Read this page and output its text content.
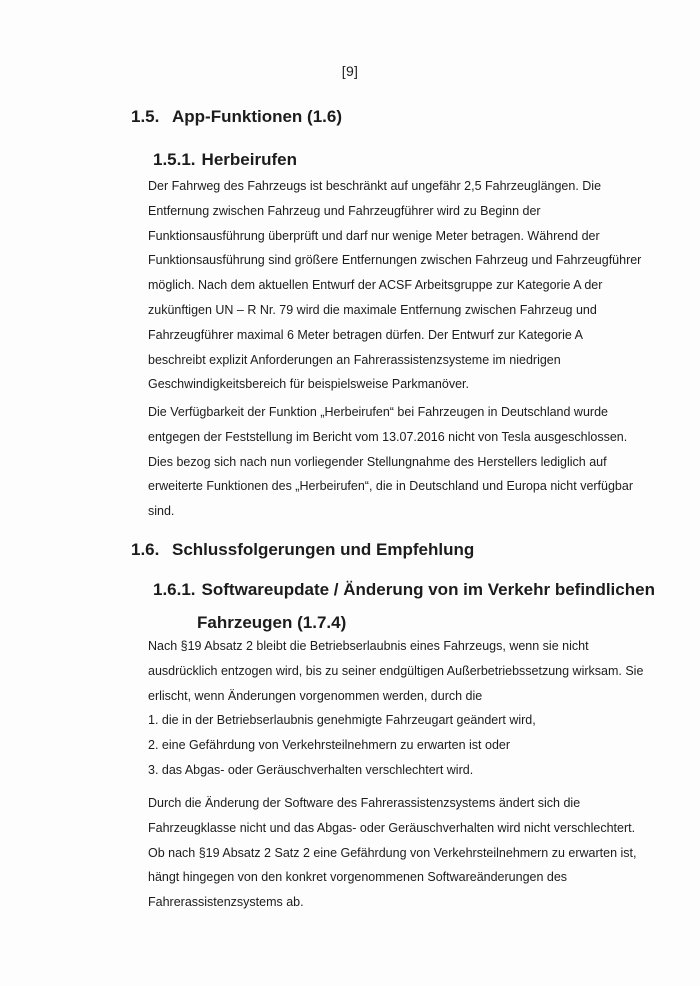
[9]
1.5. App-Funktionen (1.6)
1.5.1. Herbeirufen
Der Fahrweg des Fahrzeugs ist beschränkt auf ungefähr 2,5 Fahrzeuglängen. Die
Entfernung zwischen Fahrzeug und Fahrzeugführer wird zu Beginn der
Funktionsausführung überprüft und darf nur wenige Meter betragen. Während der
Funktionsausführung sind größere Entfernungen zwischen Fahrzeug und Fahrzeugführer
möglich. Nach dem aktuellen Entwurf der ACSF Arbeitsgruppe zur Kategorie A der
zukünftigen UN – R Nr. 79 wird die maximale Entfernung zwischen Fahrzeug und
Fahrzeugführer maximal 6 Meter betragen dürfen. Der Entwurf zur Kategorie A
beschreibt explizit Anforderungen an Fahrerassistenzsysteme im niedrigen
Geschwindigkeitsbereich für beispielsweise Parkmanöver.
Die Verfügbarkeit der Funktion „Herbeirufen“ bei Fahrzeugen in Deutschland wurde
entgegen der Feststellung im Bericht vom 13.07.2016 nicht von Tesla ausgeschlossen.
Dies bezog sich nach nun vorliegender Stellungnahme des Herstellers lediglich auf
erweiterte Funktionen des „Herbeirufen“, die in Deutschland und Europa nicht verfügbar
sind.
1.6. Schlussfolgerungen und Empfehlung
1.6.1. Softwareupdate / Änderung von im Verkehr befindlichen
Fahrzeugen (1.7.4)
Nach §19 Absatz 2 bleibt die Betriebserlaubnis eines Fahrzeugs, wenn sie nicht
ausdrücklich entzogen wird, bis zu seiner endgültigen Außerbetriebssetzung wirksam. Sie
erlischt, wenn Änderungen vorgenommen werden, durch die
1. die in der Betriebserlaubnis genehmigte Fahrzeugart geändert wird,
2. eine Gefährdung von Verkehrsteilnehmern zu erwarten ist oder
3. das Abgas- oder Geräuschverhalten verschlechtert wird.
Durch die Änderung der Software des Fahrerassistenzsystems ändert sich die
Fahrzeugklasse nicht und das Abgas- oder Geräuschverhalten wird nicht verschlechtert.
Ob nach §19 Absatz 2 Satz 2 eine Gefährdung von Verkehrsteilnehmern zu erwarten ist,
hängt hingegen von den konkret vorgenommenen Softwareänderungen des
Fahrerassistenzsystems ab.
